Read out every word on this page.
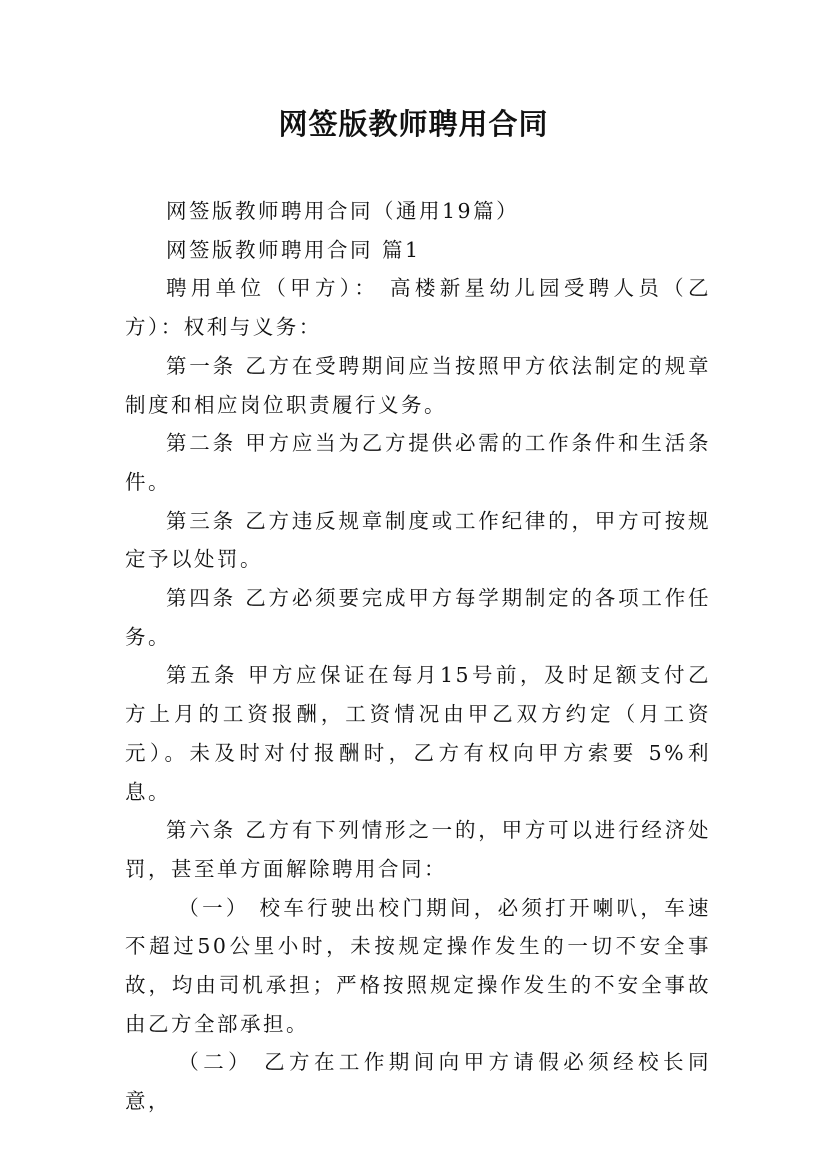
网签版教师聘用合同

网签版教师聘用合同（通用19篇）

网签版教师聘用合同 篇1

聘用单位（甲方）： 高楼新星幼儿园受聘人员（乙方）：权利与义务：

第一条 乙方在受聘期间应当按照甲方依法制定的规章制度和相应岗位职责履行义务。

第二条 甲方应当为乙方提供必需的工作条件和生活条件。

第三条 乙方违反规章制度或工作纪律的，甲方可按规定予以处罚。

第四条 乙方必须要完成甲方每学期制定的各项工作任务。

第五条 甲方应保证在每月15号前，及时足额支付乙方上月的工资报酬，工资情况由甲乙双方约定（月工资 元）。未及时对付报酬时，乙方有权向甲方索要 5%利息。

第六条 乙方有下列情形之一的，甲方可以进行经济处罚，甚至单方面解除聘用合同：

（一） 校车行驶出校门期间，必须打开喇叭，车速不超过50公里小时，未按规定操作发生的一切不安全事故，均由司机承担；严格按照规定操作发生的不安全事故由乙方全部承担。

（二） 乙方在工作期间向甲方请假必须经校长同意，
